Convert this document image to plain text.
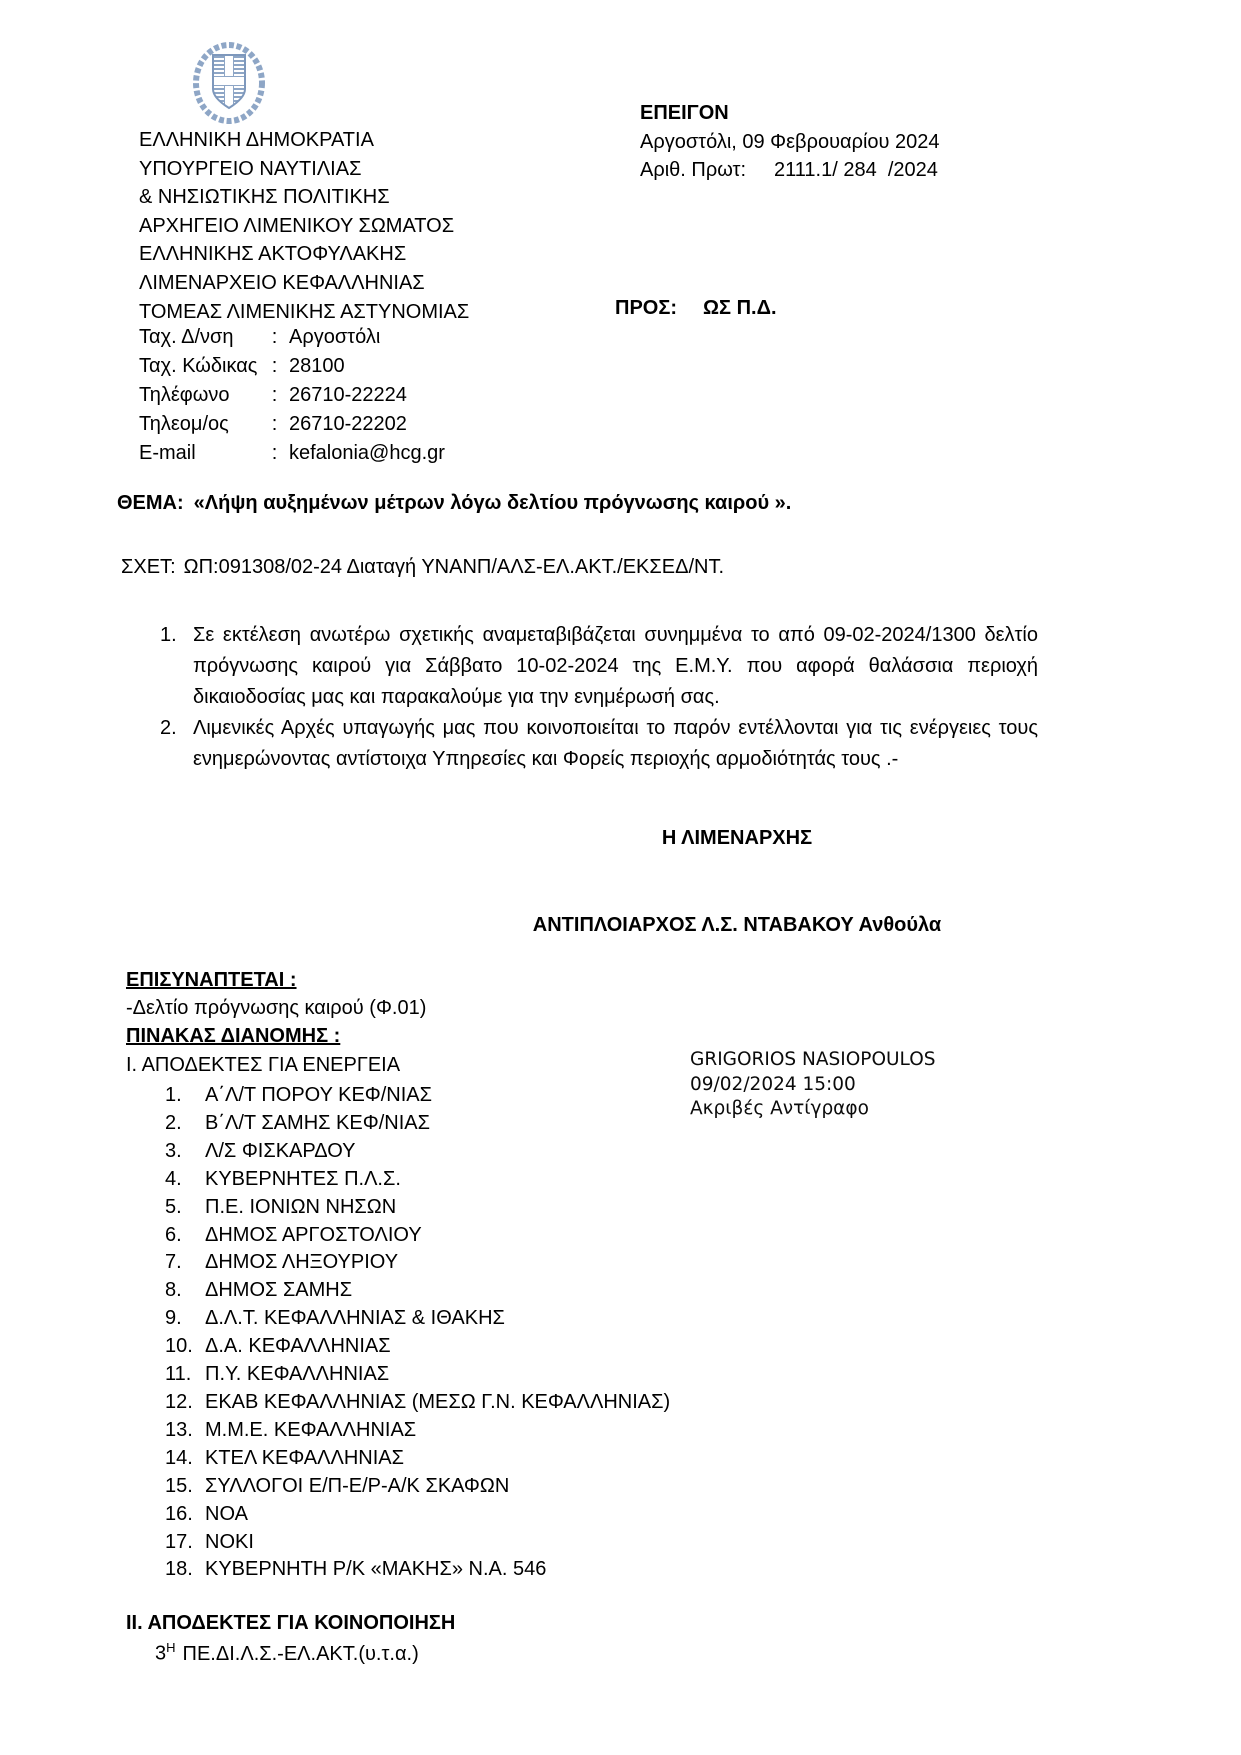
ΕΛΛΗΝΙΚΗ ΔΗΜΟΚΡΑΤΙΑ
ΥΠΟΥΡΓΕΙΟ ΝΑΥΤΙΛΙΑΣ
& ΝΗΣΙΩΤΙΚΗΣ ΠΟΛΙΤΙΚΗΣ
ΑΡΧΗΓΕΙΟ ΛΙΜΕΝΙΚΟΥ ΣΩΜΑΤΟΣ
ΕΛΛΗΝΙΚΗΣ ΑΚΤΟΦΥΛΑΚΗΣ
ΛΙΜΕΝΑΡΧΕΙΟ ΚΕΦΑΛΛΗΝΙΑΣ
ΤΟΜΕΑΣ ΛΙΜΕΝΙΚΗΣ ΑΣΤΥΝΟΜΙΑΣ
Ταχ. Δ/νση : Αργοστόλι
Ταχ. Κώδικας : 28100
Τηλέφωνο : 26710-22224
Τηλεομ/ος : 26710-22202
E-mail	: kefalonia@hcg.gr
ΕΠΕΙΓΟΝ
Αργοστόλι, 09 Φεβρουαρίου 2024
Αριθ. Πρωτ: 2111.1/ 284  /2024
ΠΡΟΣ: ΩΣ Π.Δ.
ΘΕΜΑ: «Λήψη αυξημένων μέτρων λόγω δελτίου πρόγνωσης καιρού ».
ΣΧΕΤ: ΩΠ:091308/02-24 Διαταγή ΥΝΑΝΠ/ΑΛΣ-ΕΛ.ΑΚΤ./ΕΚΣΕΔ/ΝΤ.
1. Σε εκτέλεση ανωτέρω σχετικής αναμεταβιβάζεται συνημμένα το από 09-02-2024/1300 δελτίο πρόγνωσης καιρού για Σάββατο 10-02-2024 της Ε.Μ.Υ. που αφορά θαλάσσια περιοχή δικαιοδοσίας μας και παρακαλούμε για την ενημέρωσή σας.

2. Λιμενικές Αρχές υπαγωγής μας που κοινοποιείται το παρόν εντέλλονται για τις ενέργειες τους ενημερώνοντας αντίστοιχα Υπηρεσίες και Φορείς περιοχής αρμοδιότητάς τους .-

Η ΛΙΜΕΝΑΡΧΗΣ
ΑΝΤΙΠΛΟΙΑΡΧΟΣ Λ.Σ. ΝΤΑΒΑΚΟΥ Ανθούλα
ΕΠΙΣΥΝΑΠΤΕΤΑΙ :
-Δελτίο πρόγνωσης καιρού (Φ.01)
ΠΙΝΑΚΑΣ ΔΙΑΝΟΜΗΣ :
Ι. ΑΠΟΔΕΚΤΕΣ ΓΙΑ ΕΝΕΡΓΕΙΑ	GRIGORIOS NASIOPOULOS
09/02/2024 15:00
Ακριβές Αντίγραφο
1. Α΄Λ/Τ ΠΟΡΟΥ ΚΕΦ/ΝΙΑΣ
2. Β΄Λ/Τ ΣΑΜΗΣ ΚΕΦ/ΝΙΑΣ
3. Λ/Σ ΦΙΣΚΑΡΔΟΥ
4. ΚΥΒΕΡΝΗΤΕΣ Π.Λ.Σ.
5. Π.Ε. ΙΟΝΙΩΝ ΝΗΣΩΝ
6. ΔΗΜΟΣ ΑΡΓΟΣΤΟΛΙΟΥ
7. ΔΗΜΟΣ ΛΗΞΟΥΡΙΟΥ
8. ΔΗΜΟΣ ΣΑΜΗΣ
9. Δ.Λ.Τ. ΚΕΦΑΛΛΗΝΙΑΣ & ΙΘΑΚΗΣ
10. Δ.Α. ΚΕΦΑΛΛΗΝΙΑΣ
11. Π.Υ. ΚΕΦΑΛΛΗΝΙΑΣ
12. ΕΚΑΒ ΚΕΦΑΛΛΗΝΙΑΣ (ΜΕΣΩ Γ.Ν. ΚΕΦΑΛΛΗΝΙΑΣ)
13. Μ.Μ.Ε. ΚΕΦΑΛΛΗΝΙΑΣ
14. ΚΤΕΛ ΚΕΦΑΛΛΗΝΙΑΣ
15. ΣΥΛΛΟΓΟΙ Ε/Π-Ε/Ρ-Α/Κ ΣΚΑΦΩΝ
16. ΝΟΑ
17. ΝΟΚΙ
18. ΚΥΒΕΡΝΗΤΗ Ρ/Κ «ΜΑΚΗΣ» Ν.Α. 546
ΙΙ. ΑΠΟΔΕΚΤΕΣ ΓΙΑ ΚΟΙΝΟΠΟΙΗΣΗ
$3^H$ ΠΕ.ΔΙ.Λ.Σ.-ΕΛ.ΑΚΤ.(υ.τ.α.)
